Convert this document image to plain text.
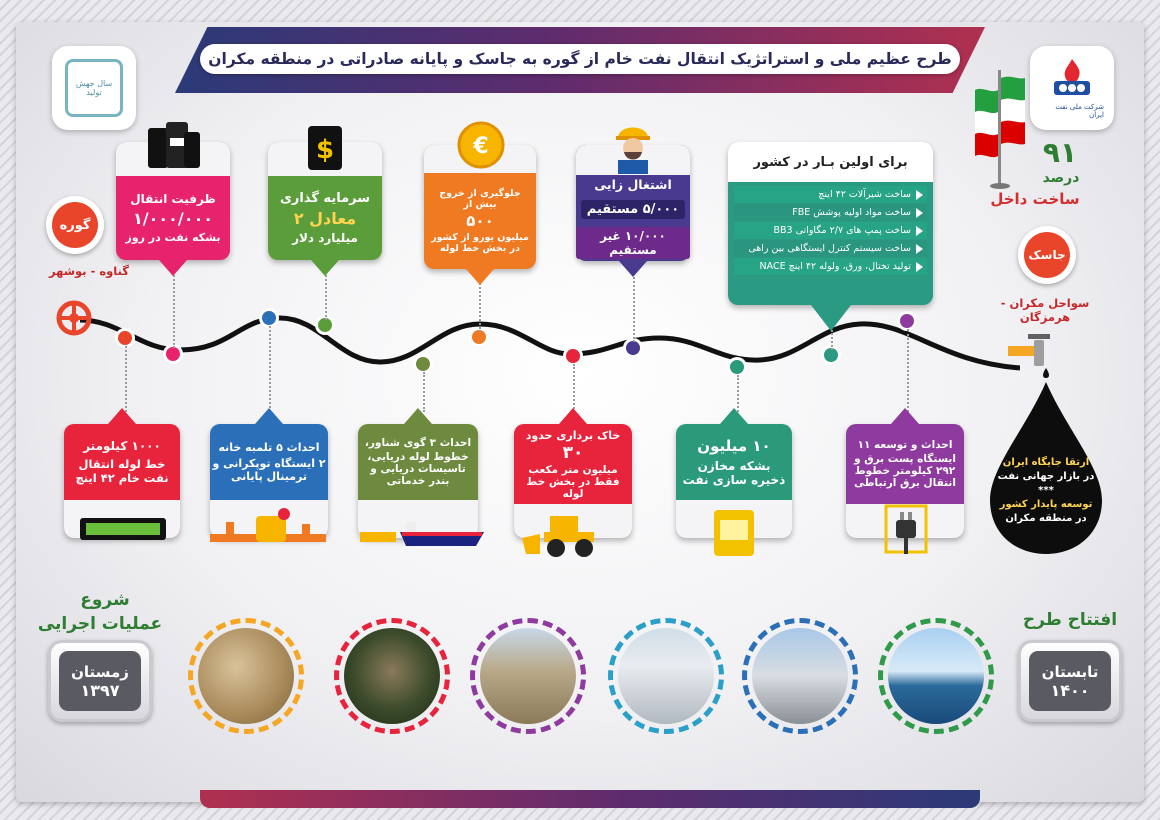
طرح عظیم ملی و استراتژیک انتقال نفت خام از گوره به جاسک و پایانه صادراتی در منطقه مکران
سال جهش تولید
شرکت ملی نفت ایران
۹۱
درصد
ساخت داخل
گوره
گناوه - بوشهر
جاسک
سواحل مکران - هرمزگان
ظرفیت انتقال
۱/۰۰۰/۰۰۰
بشکه نفت در روز
سرمایه گذاری
معادل ۲
میلیارد دلار
$
جلوگیری از خروج بیش از
۵۰۰
میلیون یورو از کشور در بخش خط لوله
€
اشتغال زایی
۵/۰۰۰ مستقیم
۱۰/۰۰۰ غیر مستقیم
برای اولین بـار در کشور
ساخت شیرآلات ۴۲ اینچ
ساخت مواد اولیه پوشش FBE
ساخت پمپ های ۲/۷ مگاواتی BB3
ساخت سیستم کنترل ایستگاهی بین راهی
تولید تختال، ورق، ولوله ۴۲ اینچ NACE
۱۰۰۰ کیلومتر
خط لوله انتقال
نفت خام ۴۲ اینچ
احداث ۵ تلمبه خانه
۲ ایستگاه توپکرانی و
ترمینال پایانی
احداث ۳ گوی شناور،
خطوط لوله دریایی،
تاسیسات دریایی و بندر خدماتی
خاک برداری حدود
۳۰
میلیون متر مکعب فقط در بخش خط لوله
۱۰ میلیون
بشکه مخازن
ذخیره سازی نفت
احداث و توسعه ۱۱
ایستگاه پست برق و ۲۹۲ کیلومتر خطوط
انتقال برق ارتباطی
ارتقا جایگاه ایران
در بازار جهانی نفت
***
توسعه پایدار کشور
در منطقه مکران
شروع
عملیات اجرایی
زمستان
۱۳۹۷
افتتاح طرح
تابستان
۱۴۰۰
